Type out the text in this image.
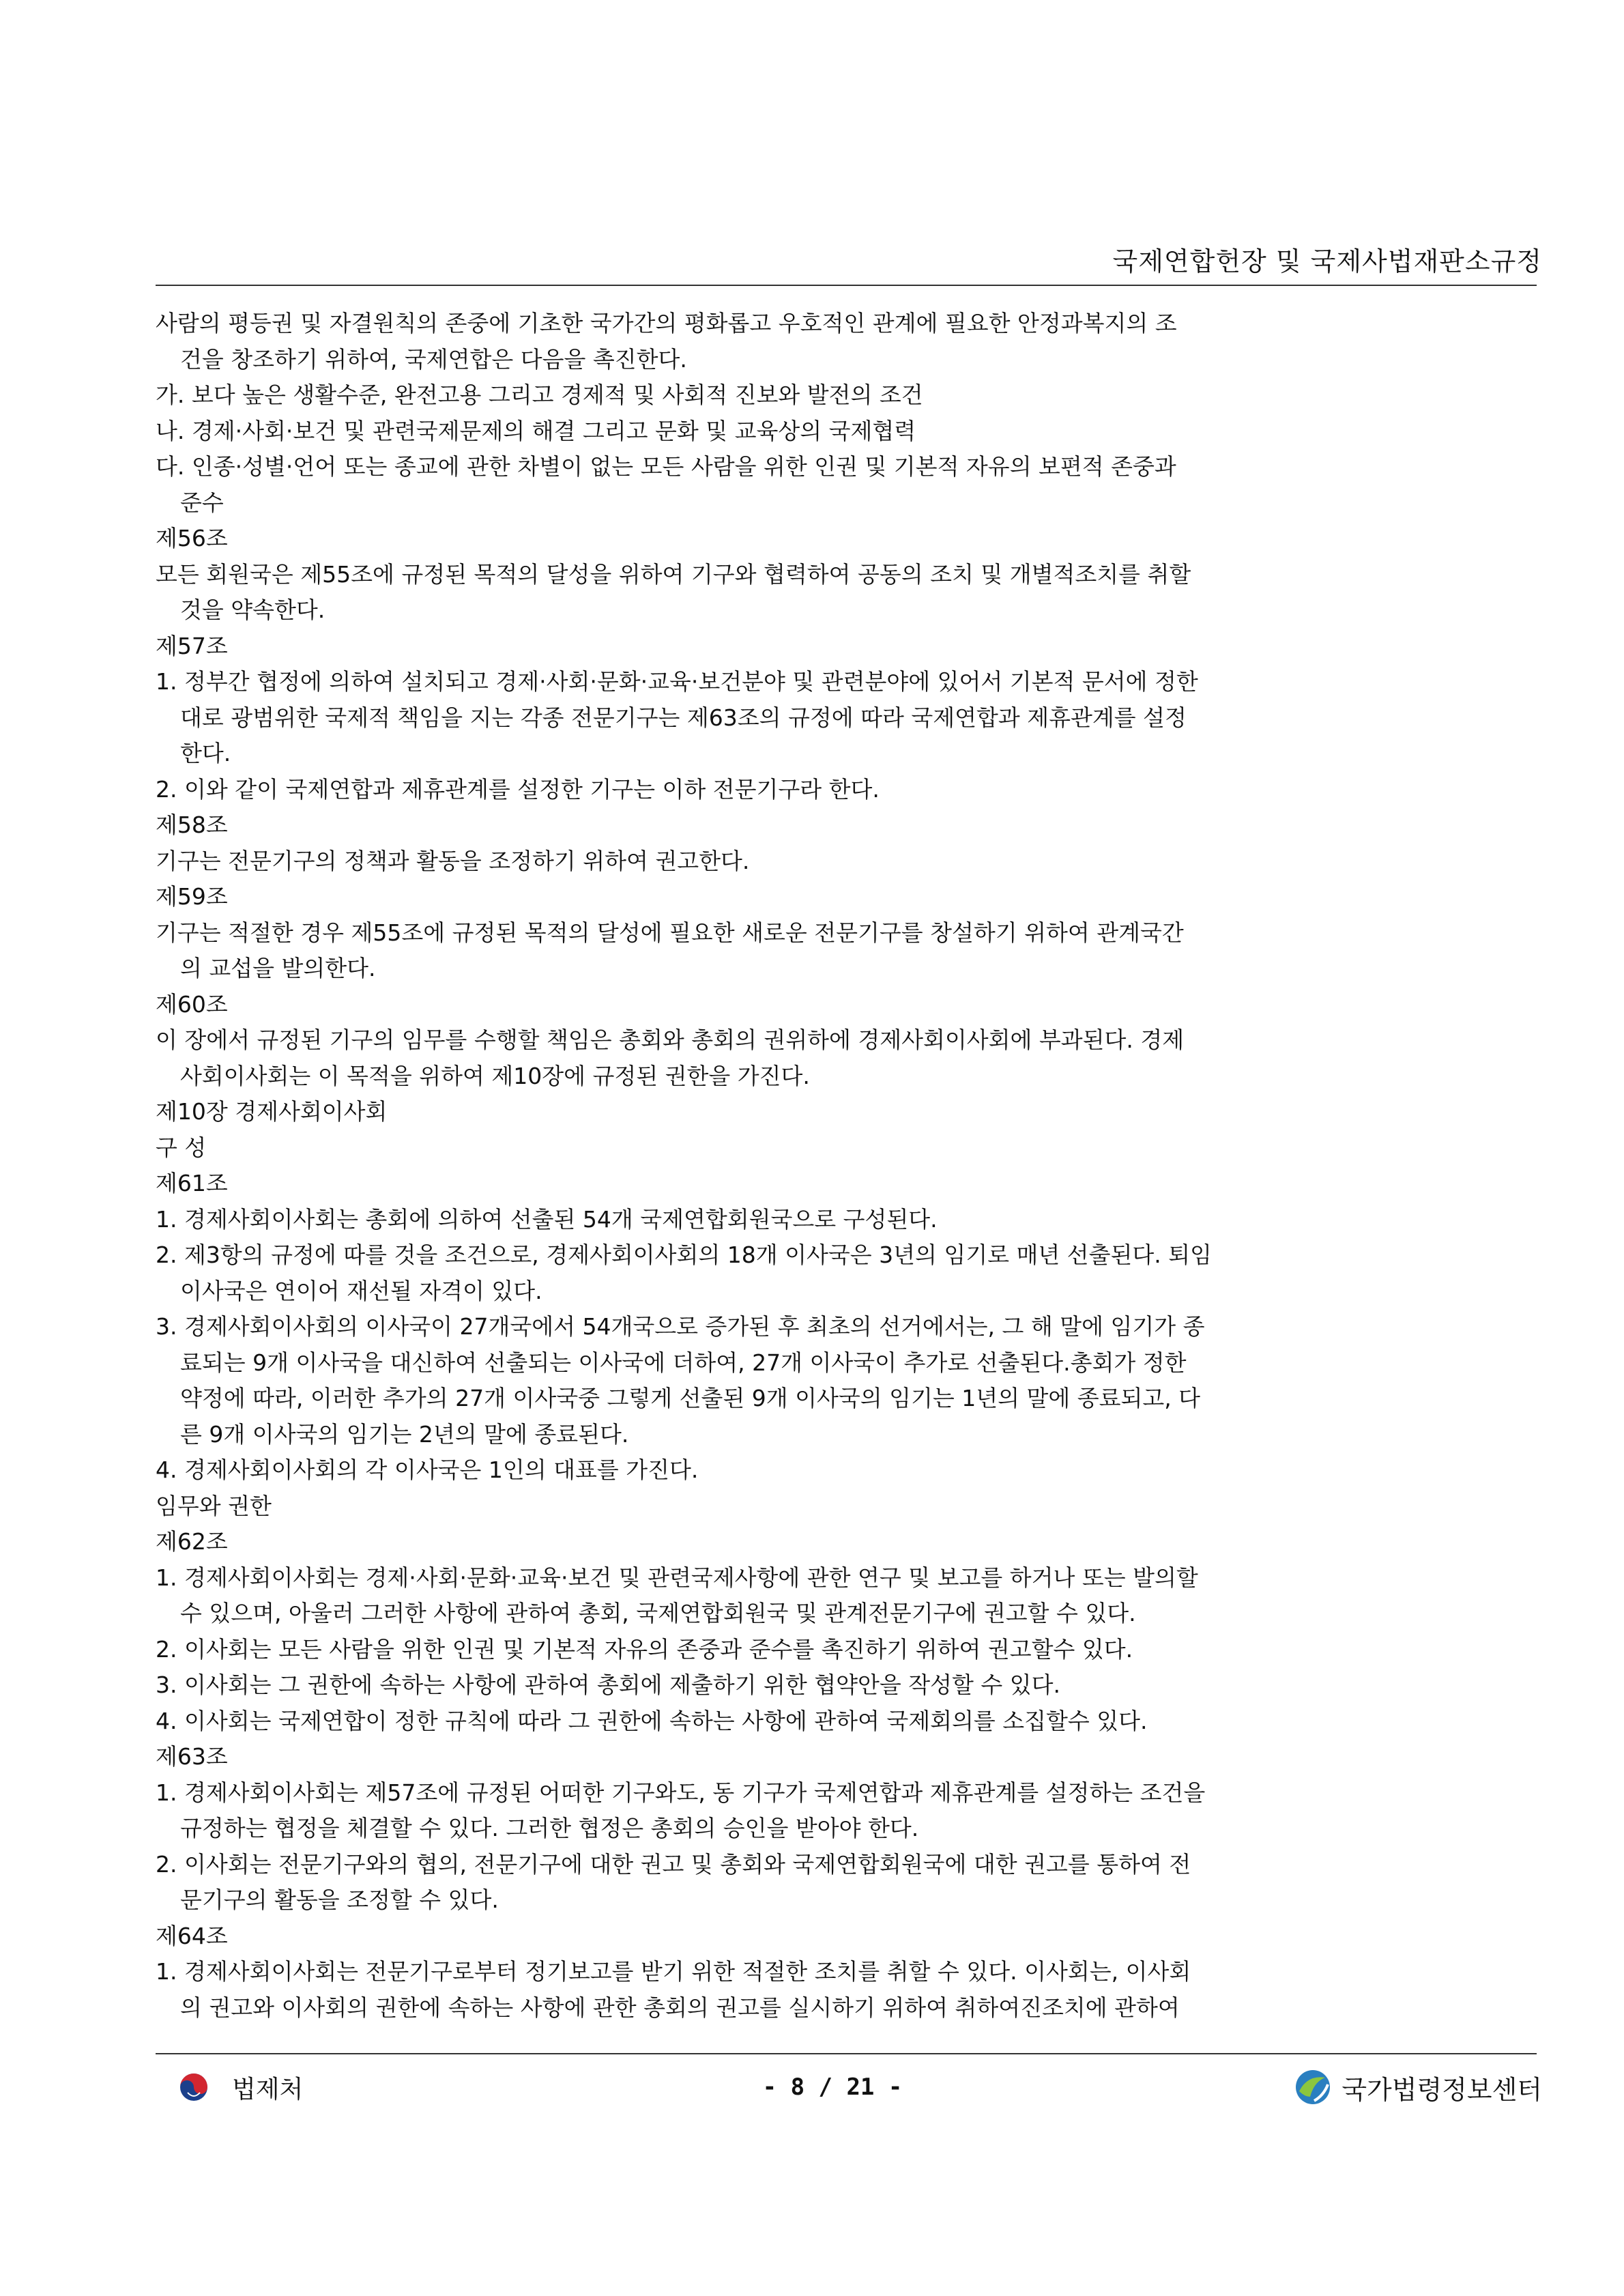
국제연합헌장 및 국제사법재판소규정
사람의 평등권 및 자결원칙의 존중에 기초한 국가간의 평화롭고 우호적인 관계에 필요한 안정과복지의 조
건을 창조하기 위하여, 국제연합은 다음을 촉진한다.
가. 보다 높은 생활수준, 완전고용 그리고 경제적 및 사회적 진보와 발전의 조건
나. 경제·사회·보건 및 관련국제문제의 해결 그리고 문화 및 교육상의 국제협력
다. 인종·성별·언어 또는 종교에 관한 차별이 없는 모든 사람을 위한 인권 및 기본적 자유의 보편적 존중과
준수
제56조
모든 회원국은 제55조에 규정된 목적의 달성을 위하여 기구와 협력하여 공동의 조치 및 개별적조치를 취할
것을 약속한다.
제57조
1. 정부간 협정에 의하여 설치되고 경제·사회·문화·교육·보건분야 및 관련분야에 있어서 기본적 문서에 정한
대로 광범위한 국제적 책임을 지는 각종 전문기구는 제63조의 규정에 따라 국제연합과 제휴관계를 설정
한다.
2. 이와 같이 국제연합과 제휴관계를 설정한 기구는 이하 전문기구라 한다.
제58조
기구는 전문기구의 정책과 활동을 조정하기 위하여 권고한다.
제59조
기구는 적절한 경우 제55조에 규정된 목적의 달성에 필요한 새로운 전문기구를 창설하기 위하여 관계국간
의 교섭을 발의한다.
제60조
이 장에서 규정된 기구의 임무를 수행할 책임은 총회와 총회의 권위하에 경제사회이사회에 부과된다. 경제
사회이사회는 이 목적을 위하여 제10장에 규정된 권한을 가진다.
제10장 경제사회이사회
구 성
제61조
1. 경제사회이사회는 총회에 의하여 선출된 54개 국제연합회원국으로 구성된다.
2. 제3항의 규정에 따를 것을 조건으로, 경제사회이사회의 18개 이사국은 3년의 임기로 매년 선출된다. 퇴임
이사국은 연이어 재선될 자격이 있다.
3. 경제사회이사회의 이사국이 27개국에서 54개국으로 증가된 후 최초의 선거에서는, 그 해 말에 임기가 종
료되는 9개 이사국을 대신하여 선출되는 이사국에 더하여, 27개 이사국이 추가로 선출된다.총회가 정한
약정에 따라, 이러한 추가의 27개 이사국중 그렇게 선출된 9개 이사국의 임기는 1년의 말에 종료되고, 다
른 9개 이사국의 임기는 2년의 말에 종료된다.
4. 경제사회이사회의 각 이사국은 1인의 대표를 가진다.
임무와 권한
제62조
1. 경제사회이사회는 경제·사회·문화·교육·보건 및 관련국제사항에 관한 연구 및 보고를 하거나 또는 발의할
수 있으며, 아울러 그러한 사항에 관하여 총회, 국제연합회원국 및 관계전문기구에 권고할 수 있다.
2. 이사회는 모든 사람을 위한 인권 및 기본적 자유의 존중과 준수를 촉진하기 위하여 권고할수 있다.
3. 이사회는 그 권한에 속하는 사항에 관하여 총회에 제출하기 위한 협약안을 작성할 수 있다.
4. 이사회는 국제연합이 정한 규칙에 따라 그 권한에 속하는 사항에 관하여 국제회의를 소집할수 있다.
제63조
1. 경제사회이사회는 제57조에 규정된 어떠한 기구와도, 동 기구가 국제연합과 제휴관계를 설정하는 조건을
규정하는 협정을 체결할 수 있다. 그러한 협정은 총회의 승인을 받아야 한다.
2. 이사회는 전문기구와의 협의, 전문기구에 대한 권고 및 총회와 국제연합회원국에 대한 권고를 통하여 전
문기구의 활동을 조정할 수 있다.
제64조
1. 경제사회이사회는 전문기구로부터 정기보고를 받기 위한 적절한 조치를 취할 수 있다. 이사회는, 이사회
의 권고와 이사회의 권한에 속하는 사항에 관한 총회의 권고를 실시하기 위하여 취하여진조치에 관하여
법제처	- 8 / 21 -	국가법령정보센터
